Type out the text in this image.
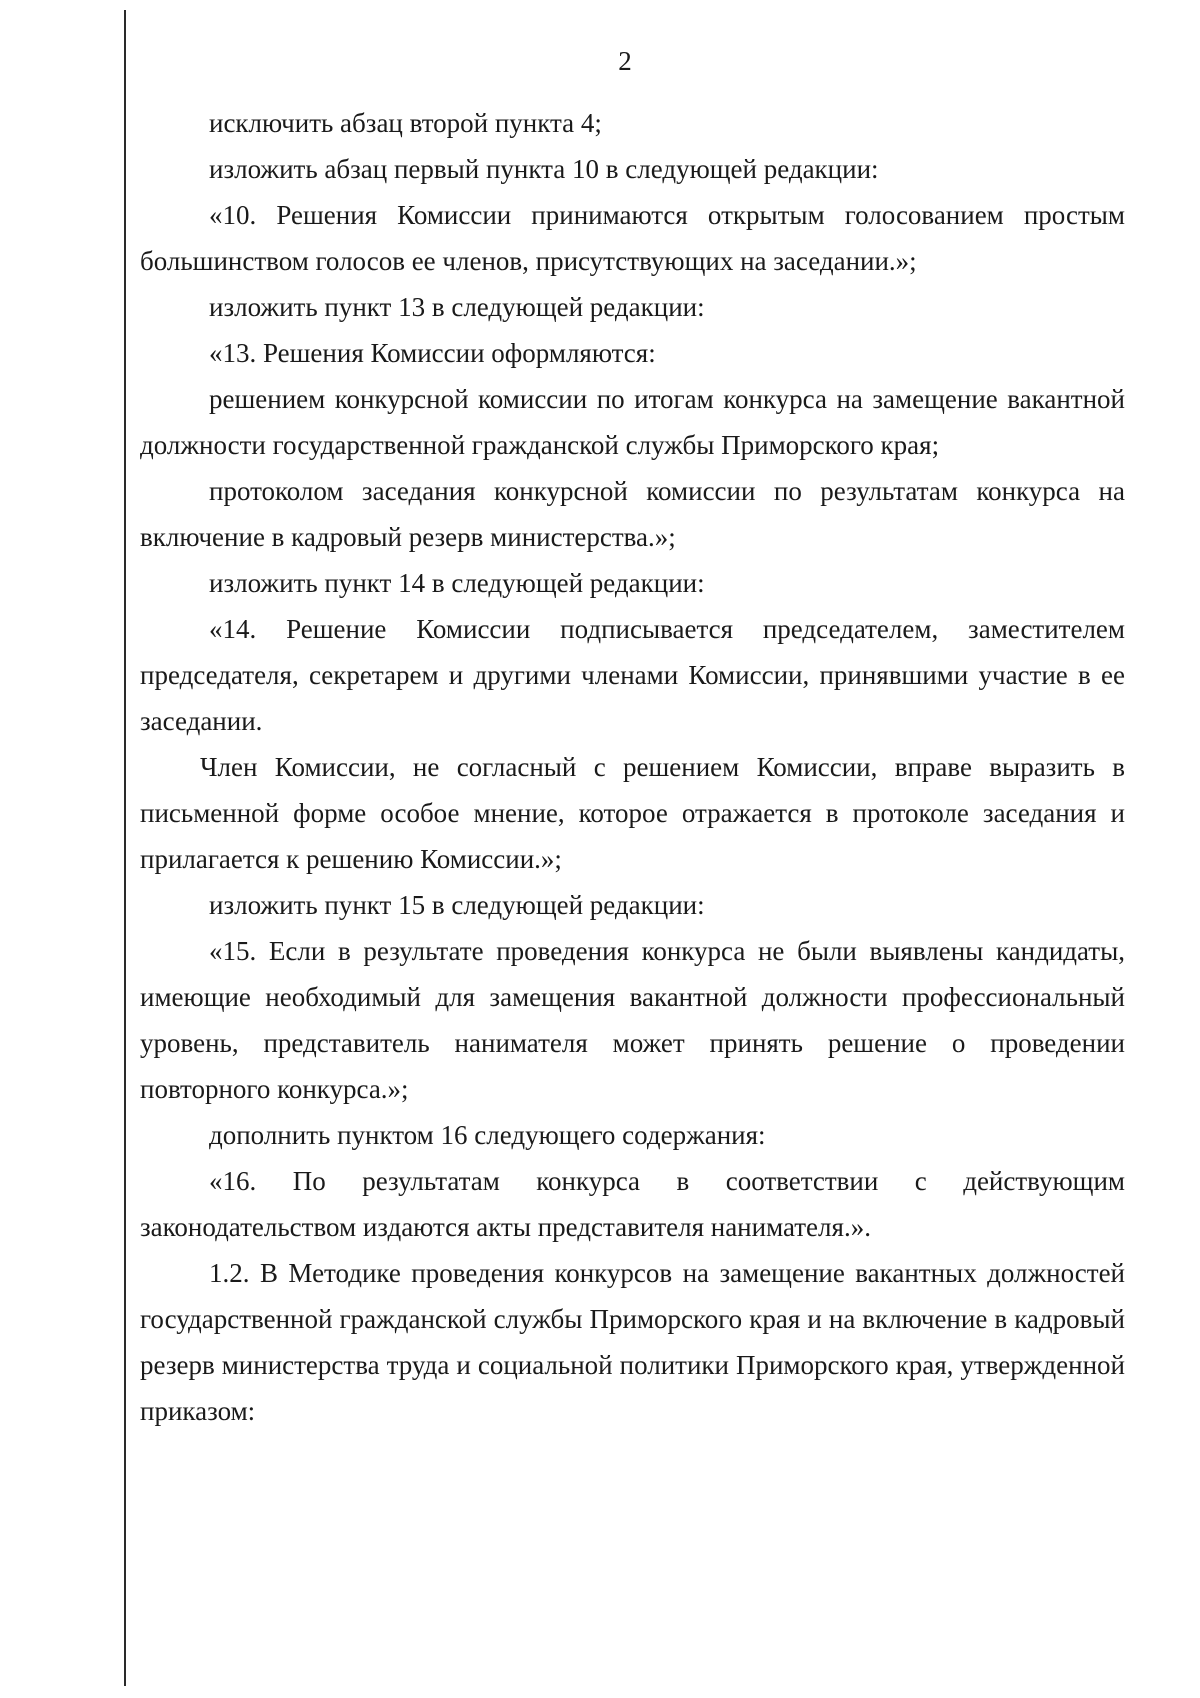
2

исключить абзац второй пункта 4;

изложить абзац первый пункта 10 в следующей редакции:

«10. Решения Комиссии принимаются открытым голосованием простым большинством голосов ее членов, присутствующих на заседании.»;

изложить пункт 13 в следующей редакции:

«13. Решения Комиссии оформляются:

решением конкурсной комиссии по итогам конкурса на замещение вакантной должности государственной гражданской службы Приморского края;

протоколом заседания конкурсной комиссии по результатам конкурса на включение в кадровый резерв министерства.»;

изложить пункт 14 в следующей редакции:

«14. Решение Комиссии подписывается председателем, заместителем председателя, секретарем и другими членами Комиссии, принявшими участие в ее заседании.

Член Комиссии, не согласный с решением Комиссии, вправе выразить в письменной форме особое мнение, которое отражается в протоколе заседания и прилагается к решению Комиссии.»;

изложить пункт 15 в следующей редакции:

«15. Если в результате проведения конкурса не были выявлены кандидаты, имеющие необходимый для замещения вакантной должности профессиональный уровень, представитель нанимателя может принять решение о проведении повторного конкурса.»;

дополнить пунктом 16 следующего содержания:

«16. По результатам конкурса в соответствии с действующим законодательством издаются акты представителя нанимателя.».

1.2. В Методике проведения конкурсов на замещение вакантных должностей государственной гражданской службы Приморского края и на включение в кадровый резерв министерства труда и социальной политики Приморского края, утвержденной приказом:
